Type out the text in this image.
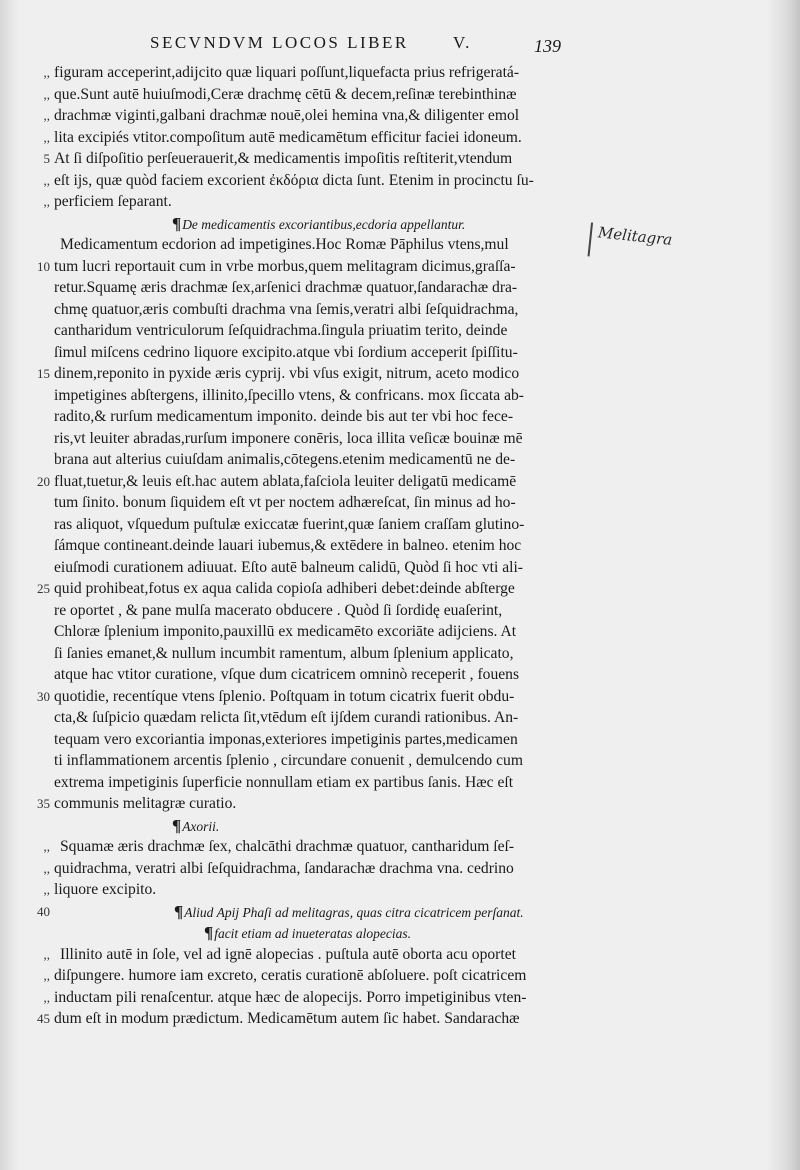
SECVNDVM LOCOS LIBER	V.	139
Melitagra
,, figuram acceperint,adijcito quæ liquari poſſunt,liquefacta prius refrigeratá-
,, que.Sunt autē huiuſmodi,Ceræ drachmę cētū & decem,reſinæ terebinthinæ
,, drachmæ viginti,galbani drachmæ nouē,olei hemina vna,& diligenter emol
,, lita excipiés vtitor.compoſitum autē medicamētum efficitur faciei idoneum.
5 At ſi diſpoſitio perſeuerauerit,& medicamentis impoſitis reſtiterit,vtendum
,, eſt ijs, quæ quòd faciem excorient ἐκδόρια dicta ſunt. Etenim in procinctu ſu-
,, perficiem ſeparant.
¶De medicamentis excoriantibus,ecdoria appellantur.
Medicamentum ecdorion ad impetigines.Hoc Romæ Pāphilus vtens,mul
10 tum lucri reportauit cum in vrbe morbus,quem melitagram dicimus,graſſa-
retur.Squamę æris drachmæ ſex,arſenici drachmæ quatuor,ſandarachæ dra-
chmę quatuor,æris combuſti drachma vna ſemis,veratri albi ſeſquidrachma,
cantharidum ventriculorum ſeſquidrachma.ſingula priuatim terito, deinde
ſimul miſcens cedrino liquore excipito.atque vbi ſordium acceperit ſpiſſitu-
15 dinem,reponito in pyxide æris cyprij. vbi vſus exigit, nitrum, aceto modico
impetigines abſtergens, illinito,ſpecillo vtens, & confricans. mox ſiccata ab-
radito,& rurſum medicamentum imponito. deinde bis aut ter vbi hoc fece-
ris,vt leuiter abradas,rurſum imponere conēris, loca illita veſicæ bouinæ mē
brana aut alterius cuiuſdam animalis,cōtegens.etenim medicamentū ne de-
20 fluat,tuetur,& leuis eſt.hac autem ablata,faſciola leuiter deligatū medicamē
tum ſinito. bonum ſiquidem eſt vt per noctem adhæreſcat, ſin minus ad ho-
ras aliquot, vſquedum puſtulæ exiccatæ fuerint,quæ ſaniem craſſam glutino-
ſámque contineant.deinde lauari iubemus,& extēdere in balneo. etenim hoc
eiuſmodi curationem adiuuat. Eſto autē balneum calidū, Quòd ſi hoc vti ali-
25 quid prohibeat,fotus ex aqua calida copioſa adhiberi debet:deinde abſterge
re oportet , & pane mulſa macerato obducere . Quòd ſi ſordidę euaſerint,
Chloræ ſplenium imponito,pauxillū ex medicamēto excoriāte adijciens. At
ſi ſanies emanet,& nullum incumbit ramentum, album ſplenium applicato,
atque hac vtitor curatione, vſque dum cicatricem omninò receperit , fouens
30 quotidie, recentíque vtens ſplenio. Poſtquam in totum cicatrix fuerit obdu-
cta,& ſuſpicio quædam relicta ſit,vtēdum eſt ijſdem curandi rationibus. An-
tequam vero excoriantia imponas,exteriores impetiginis partes,medicamen
ti inflammationem arcentis ſplenio , circundare conuenit , demulcendo cum
extrema impetiginis ſuperficie nonnullam etiam ex partibus ſanis. Hæc eſt
35 communis melitagræ curatio.
¶Axorii.
,, Squamæ æris drachmæ ſex, chalcāthi drachmæ quatuor, cantharidum ſeſ-
,, quidrachma, veratri albi ſeſquidrachma, ſandarachæ drachma vna. cedrino
,, liquore excipito.
40	¶Aliud Apij Phaſi ad melitagras, quas citra cicatricem perſanat.
¶facit etiam ad inueteratas alopecias.
,, Illinito autē in ſole, vel ad ignē alopecias . puſtula autē oborta acu oportet
,, diſpungere. humore iam excreto, ceratis curationē abſoluere. poſt cicatricem
,, inductam pili renaſcentur. atque hæc de alopecijs. Porro impetiginibus vten-
45 dum eſt in modum prædictum. Medicamētum autem ſic habet. Sandarachæ
